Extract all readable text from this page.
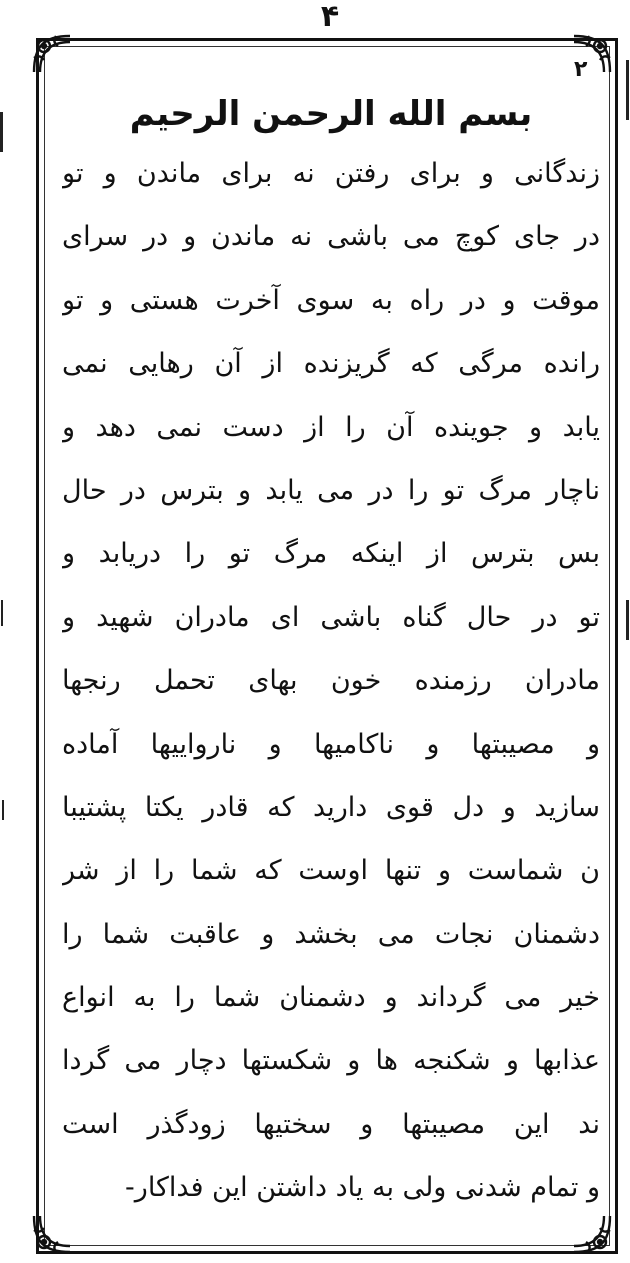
۴
۲
بسم الله الرحمن الرحیم
زندگانی و برای رفتن نه برای ماندن و تو
در جای کوچ می باشی نه ماندن و در سرای
موقت و در راه به سوی آخرت هستی و تو
رانده مرگی که گریزنده از آن رهایی نمی
یابد و جوینده آن را از دست نمی دهد و
ناچار مرگ تو را در می یابد و بترس در حال
بس بترس از اینکه مرگ تو را دریابد و
تو در حال گناه باشی ای مادران شهید و
مادران رزمنده خون بهای تحمل رنجها
و مصیبتها و ناکامیها و نارواییها آماده
سازید و دل قوی دارید که قادر یکتا پشتیبا
ن شماست و تنها اوست که شما را از شر
دشمنان نجات می بخشد و عاقبت شما را
خیر می گرداند و دشمنان شما را به انواع
عذابها و شکنجه ها و شکستها دچار می گردا
ند این مصیبتها و سختیها زودگذر است
و تمام شدنی ولی به یاد داشتن این فداکار-
